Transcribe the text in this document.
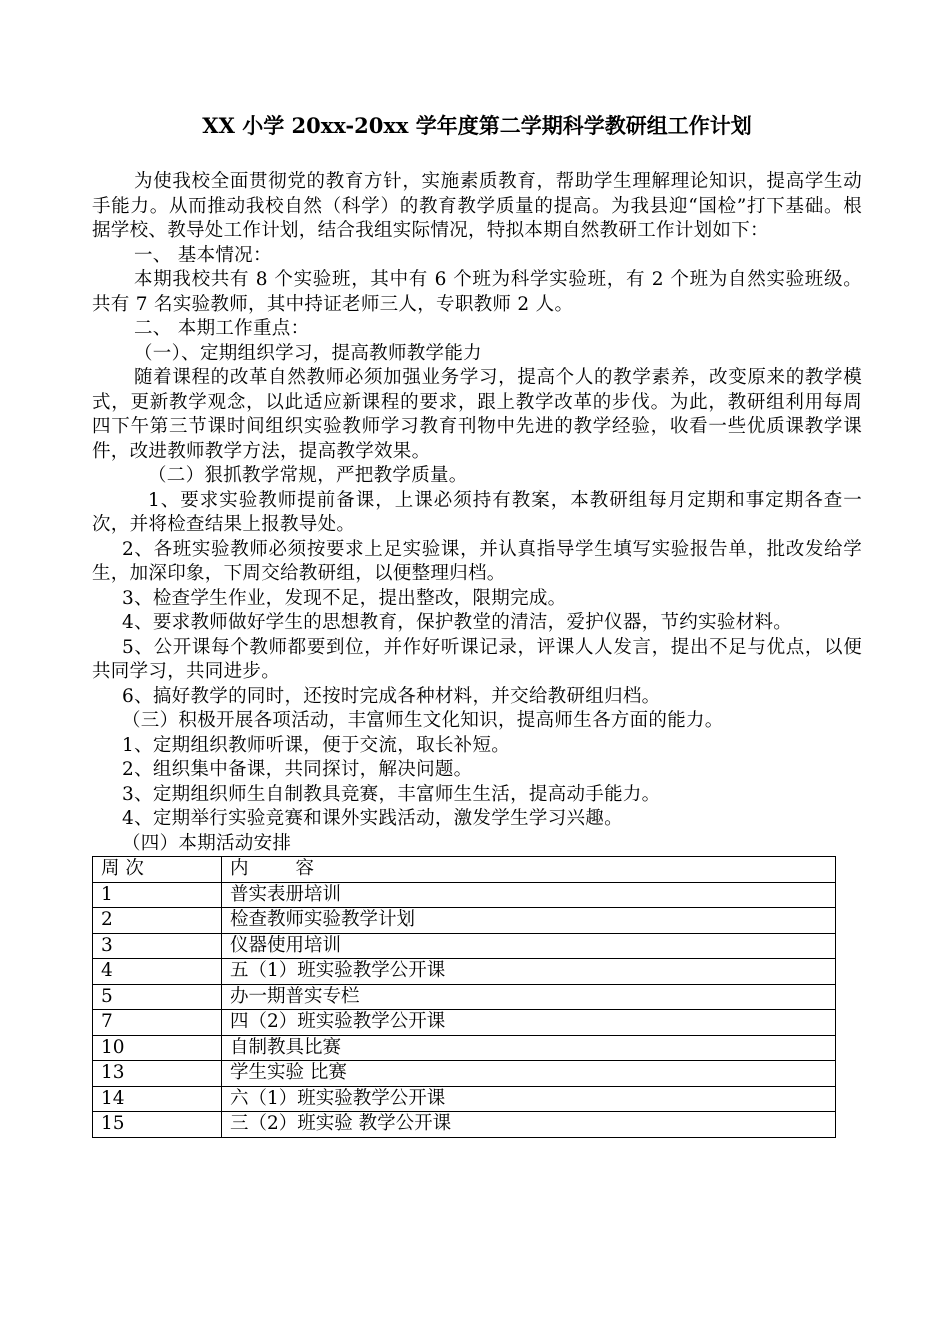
XX 小学 20xx-20xx 学年度第二学期科学教研组工作计划

为使我校全面贯彻党的教育方针，实施素质教育，帮助学生理解理论知识，提高学生动手能力。从而推动我校自然（科学）的教育教学质量的提高。为我县迎“国检”打下基础。根据学校、教导处工作计划，结合我组实际情况，特拟本期自然教研工作计划如下：

一、 基本情况：

本期我校共有 8 个实验班，其中有 6 个班为科学实验班，有 2 个班为自然实验班级。共有 7 名实验教师，其中持证老师三人，专职教师 2 人。

二、 本期工作重点：

（一）、定期组织学习，提高教师教学能力

随着课程的改革自然教师必须加强业务学习，提高个人的教学素养，改变原来的教学模式，更新教学观念，以此适应新课程的要求，跟上教学改革的步伐。为此，教研组利用每周四下午第三节课时间组织实验教师学习教育刊物中先进的教学经验，收看一些优质课教学课件，改进教师教学方法，提高教学效果。

（二）狠抓教学常规，严把教学质量。

1、要求实验教师提前备课，上课必须持有教案，本教研组每月定期和事定期各查一次，并将检查结果上报教导处。

2、各班实验教师必须按要求上足实验课，并认真指导学生填写实验报告单，批改发给学生，加深印象，下周交给教研组，以便整理归档。

3、检查学生作业，发现不足，提出整改，限期完成。

4、要求教师做好学生的思想教育，保护教堂的清洁，爱护仪器，节约实验材料。

5、公开课每个教师都要到位，并作好听课记录，评课人人发言，提出不足与优点，以便共同学习，共同进步。

6、搞好教学的同时，还按时完成各种材料，并交给教研组归档。

（三）积极开展各项活动，丰富师生文化知识，提高师生各方面的能力。

1、定期组织教师听课，便于交流，取长补短。

2、组织集中备课，共同探讨，解决问题。

3、定期组织师生自制教具竞赛，丰富师生生活，提高动手能力。

4、定期举行实验竞赛和课外实践活动，激发学生学习兴趣。

（四）本期活动安排

周 次	内        容
1	普实表册培训
2	检查教师实验教学计划
3	仪器使用培训
4	五（1）班实验教学公开课
5	办一期普实专栏
7	四（2）班实验教学公开课
10	自制教具比赛
13	学生实验 比赛
14	六（1）班实验教学公开课
15	三（2）班实验 教学公开课
